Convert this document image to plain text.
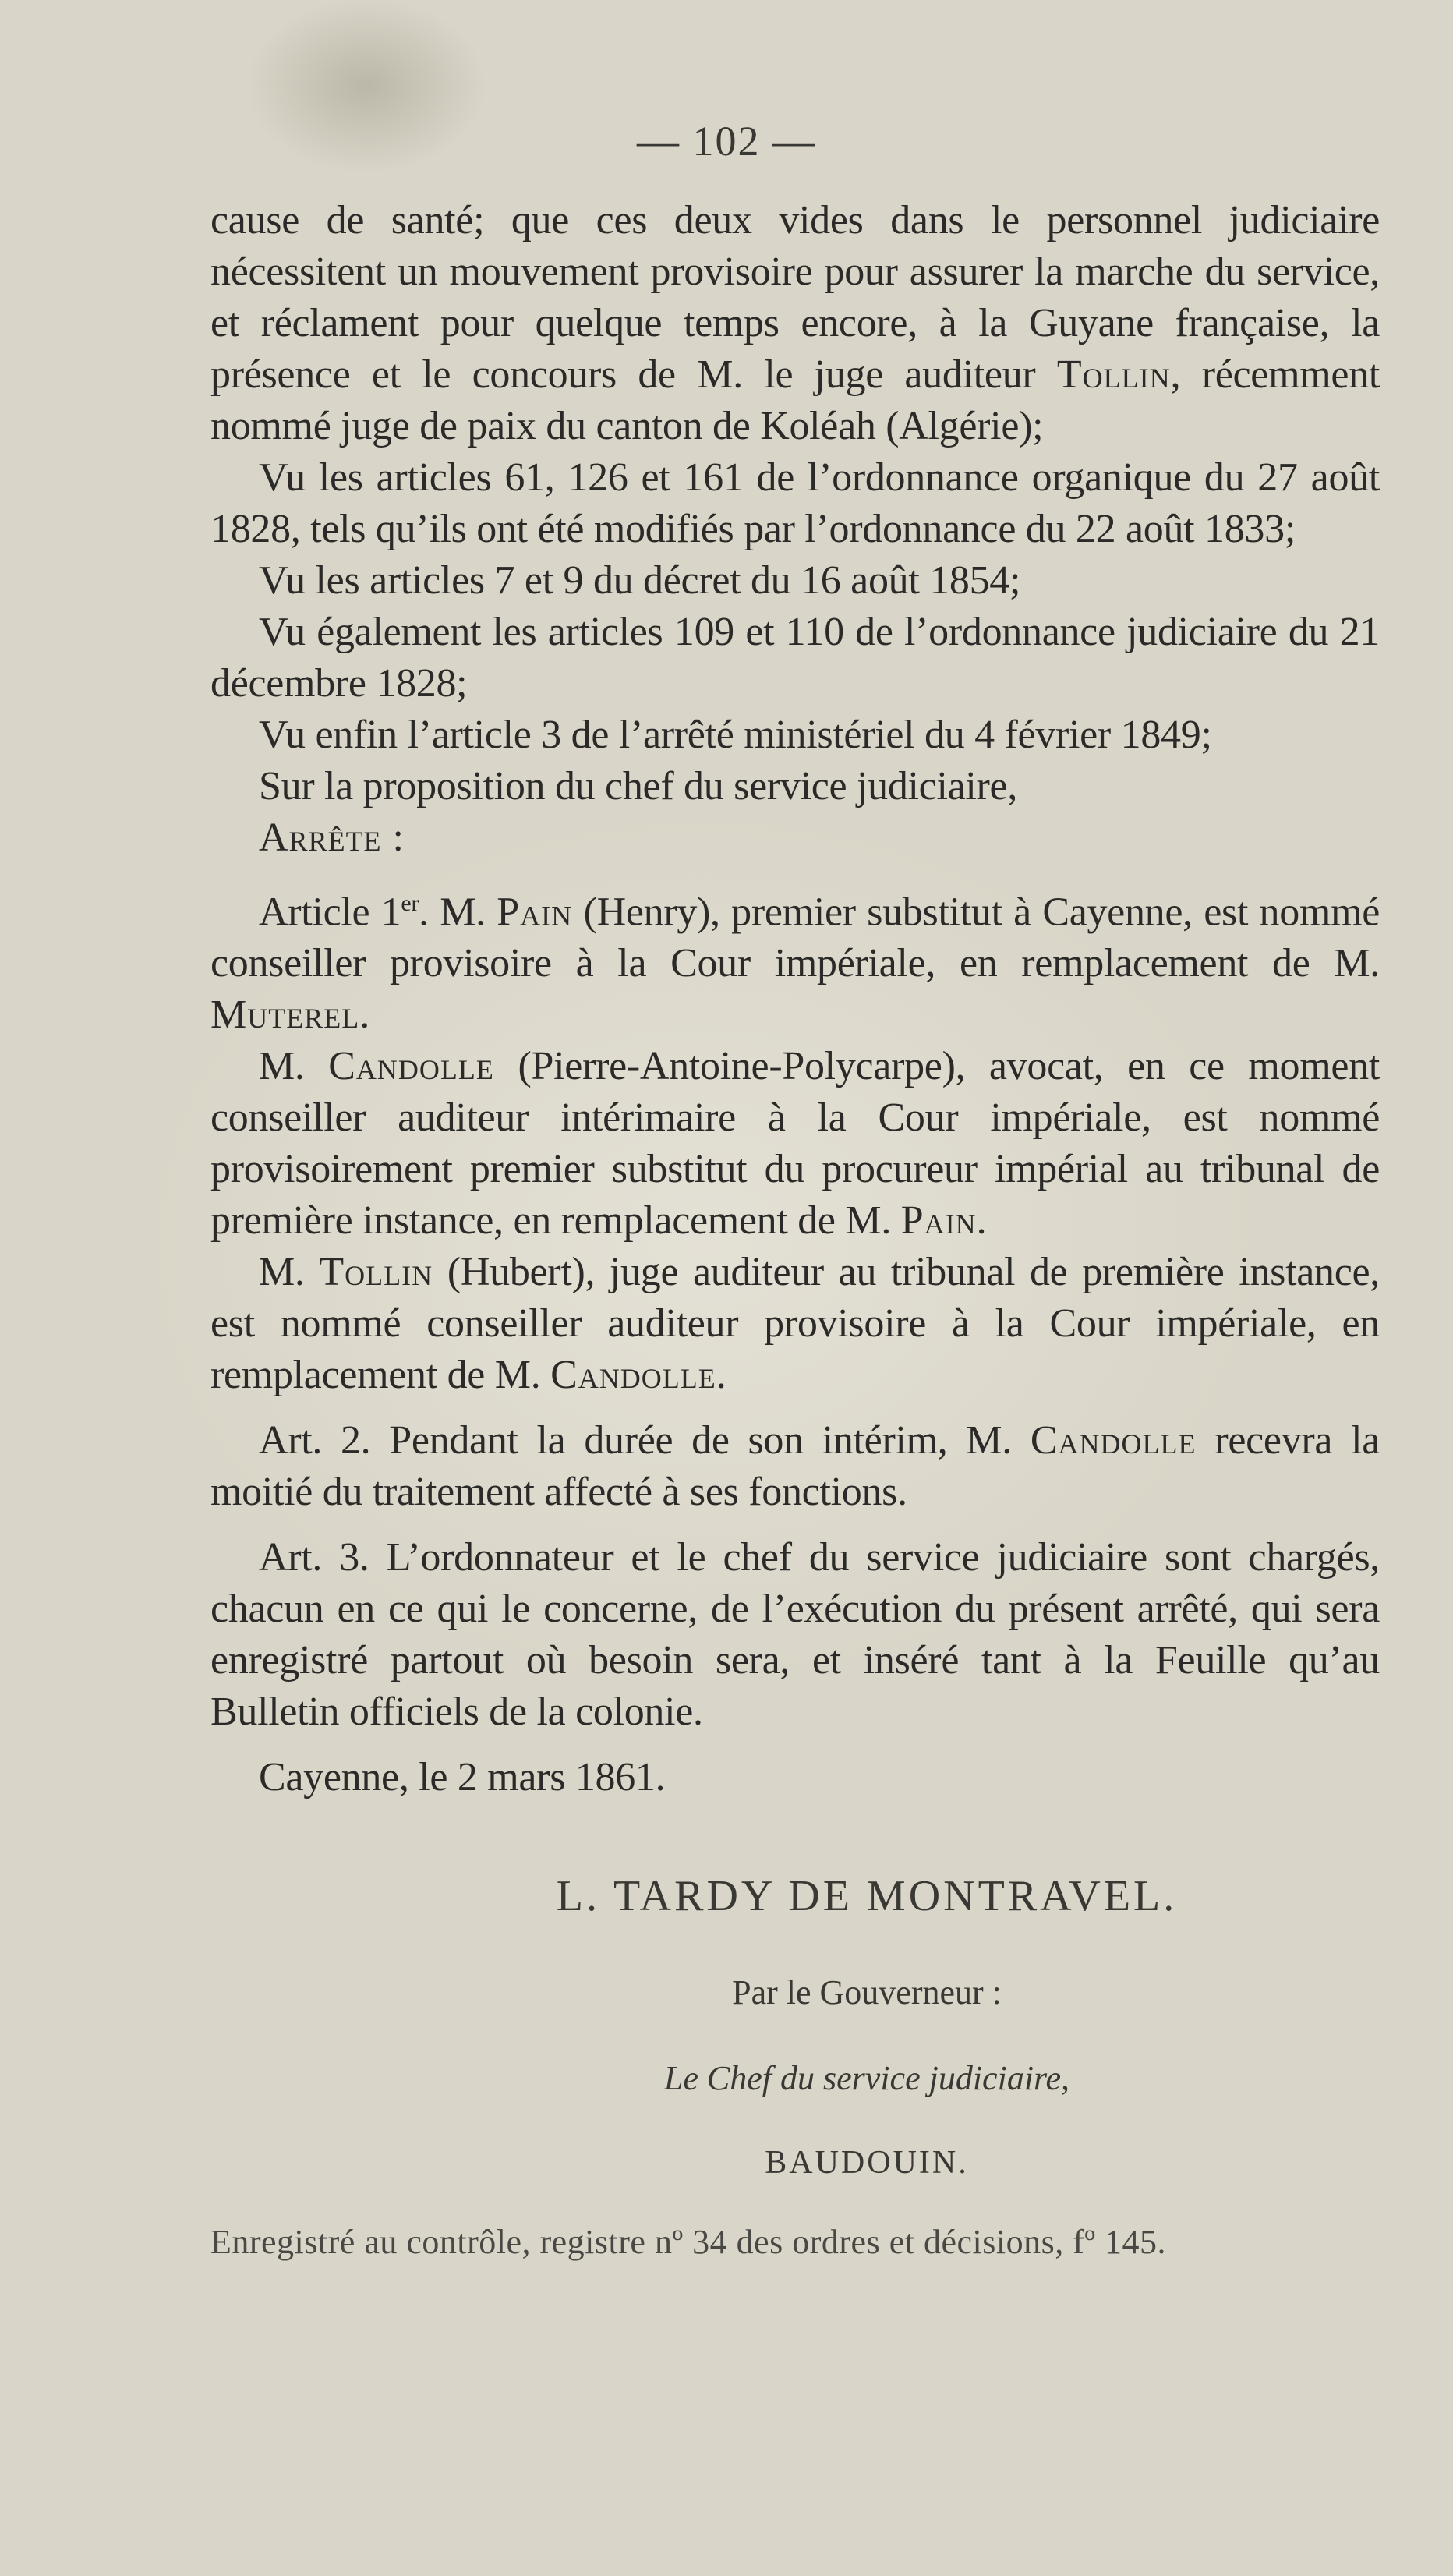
— 102 —

cause de santé; que ces deux vides dans le personnel judiciaire nécessitent un mouvement provisoire pour assurer la marche du service, et réclament pour quelque temps encore, à la Guyane française, la présence et le concours de M. le juge auditeur Tollin, récemment nommé juge de paix du canton de Koléah (Algérie);

Vu les articles 61, 126 et 161 de l’ordonnance organique du 27 août 1828, tels qu’ils ont été modifiés par l’ordonnance du 22 août 1833;

Vu les articles 7 et 9 du décret du 16 août 1854;

Vu également les articles 109 et 110 de l’ordonnance judiciaire du 21 décembre 1828;

Vu enfin l’article 3 de l’arrêté ministériel du 4 février 1849;

Sur la proposition du chef du service judiciaire,

Arrête :

Article 1er. M. Pain (Henry), premier substitut à Cayenne, est nommé conseiller provisoire à la Cour impériale, en remplacement de M. Muterel.

M. Candolle (Pierre-Antoine-Polycarpe), avocat, en ce moment conseiller auditeur intérimaire à la Cour impériale, est nommé provisoirement premier substitut du procureur impérial au tribunal de première instance, en remplacement de M. Pain.

M. Tollin (Hubert), juge auditeur au tribunal de première instance, est nommé conseiller auditeur provisoire à la Cour impériale, en remplacement de M. Candolle.

Art. 2. Pendant la durée de son intérim, M. Candolle recevra la moitié du traitement affecté à ses fonctions.

Art. 3. L’ordonnateur et le chef du service judiciaire sont chargés, chacun en ce qui le concerne, de l’exécution du présent arrêté, qui sera enregistré partout où besoin sera, et inséré tant à la Feuille qu’au Bulletin officiels de la colonie.

Cayenne, le 2 mars 1861.

L. TARDY DE MONTRAVEL.
Par le Gouverneur :
Le Chef du service judiciaire,
BAUDOUIN.
Enregistré au contrôle, registre nº 34 des ordres et décisions, fº 145.
